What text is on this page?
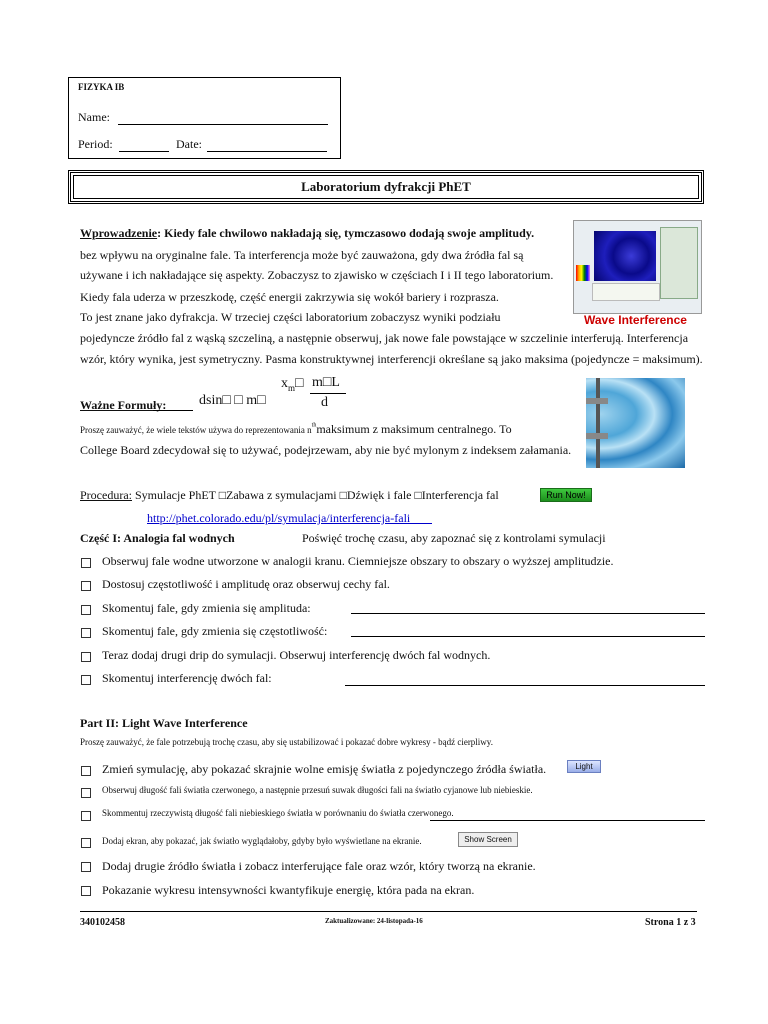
FIZYKA IB
Name:
Period:	Date:
Laboratorium dyfrakcji PhET
Wprowadzenie: Kiedy fale chwilowo nakładają się, tymczasowo dodają swoje amplitudy.
bez wpływu na oryginalne fale. Ta interferencja może być zauważona, gdy dwa źródła fal są
używane i ich nakładające się aspekty. Zobaczysz to zjawisko w częściach I i II tego laboratorium.
Kiedy fala uderza w przeszkodę, część energii zakrzywia się wokół bariery i rozprasza.
To jest znane jako dyfrakcja. W trzeciej części laboratorium zobaczysz wyniki podziału
pojedyncze źródło fal z wąską szczeliną, a następnie obserwuj, jak nowe fale powstające w szczelinie interferują. Interferencja
wzór, który wynika, jest symetryczny. Pasma konstruktywnej interferencji określane są jako maksima (pojedyncze = maksimum).
Wave Interference
Ważne Formuły: dsin□ □ m□
$x_m□$ m□L
d
Proszę zauważyć, że wiele tekstów używa do reprezentowania $n^{th}maksimum$ z maksimum centralnego. To
College Board zdecydował się to używać, podejrzewam, aby nie być mylonym z indeksem załamania.
Procedura: Symulacje PhET □Zabawa z symulacjami □Dźwięk i fale □Interferencja fal	Run Now!
http://phet.colorado.edu/pl/symulacja/interferencja-fali
Część I: Analogia fal wodnych	Poświęć trochę czasu, aby zapoznać się z kontrolami symulacji
Obserwuj fale wodne utworzone w analogii kranu. Ciemniejsze obszary to obszary o wyższej amplitudzie.
Dostosuj częstotliwość i amplitudę oraz obserwuj cechy fal.
Skomentuj fale, gdy zmienia się amplituda:
Skomentuj fale, gdy zmienia się częstotliwość:
Teraz dodaj drugi drip do symulacji. Obserwuj interferencję dwóch fal wodnych.
Skomentuj interferencję dwóch fal:
Part II: Light Wave Interference
Proszę zauważyć, że fale potrzebują trochę czasu, aby się ustabilizować i pokazać dobre wykresy - bądź cierpliwy.
Zmień symulację, aby pokazać skrajnie wolne emisję światła z pojedynczego źródła światła.	Light
Obserwuj długość fali światła czerwonego, a następnie przesuń suwak długości fali na światło cyjanowe lub niebieskie.
Skommentuj rzeczywistą długość fali niebieskiego światła w porównaniu do światła czerwonego.
Dodaj ekran, aby pokazać, jak światło wyglądałoby, gdyby było wyświetlane na ekranie.	Show Screen
Dodaj drugie źródło światła i zobacz interferujące fale oraz wzór, który tworzą na ekranie.
Pokazanie wykresu intensywności kwantyfikuje energię, która pada na ekran.
340102458	Zaktualizowane: 24-listopada-16	Strona 1 z 3
